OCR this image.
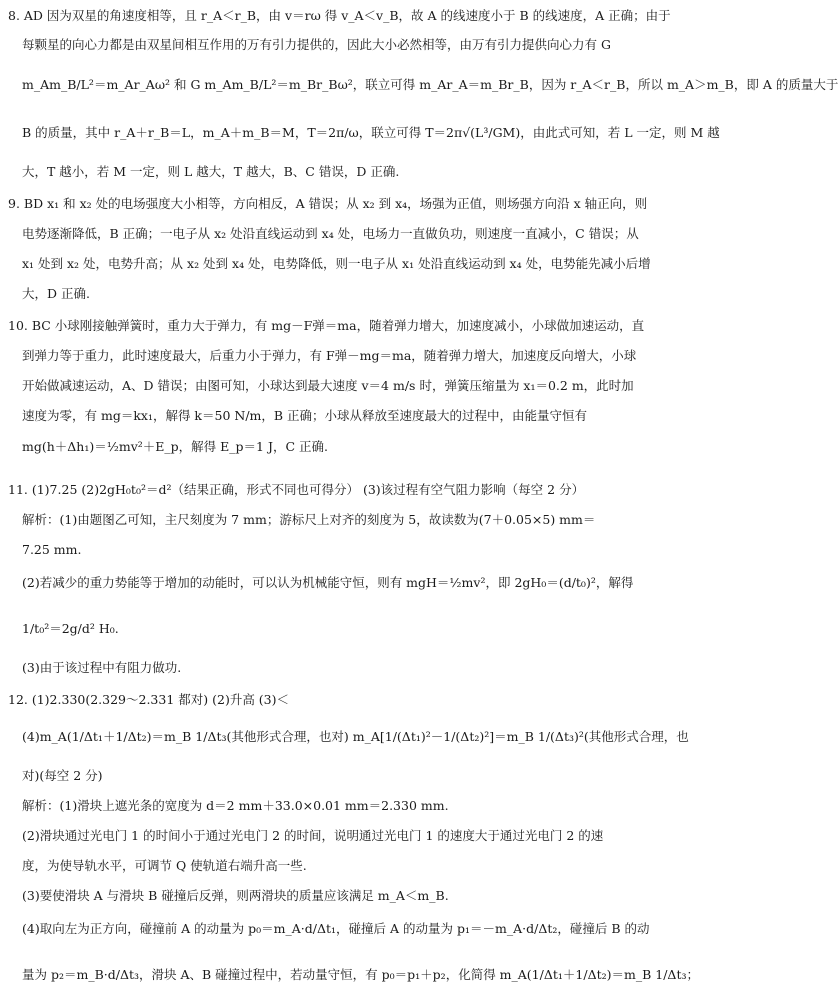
8. AD 因为双星的角速度相等，且 r_A＜r_B，由 v＝rω 得 v_A＜v_B，故 A 的线速度小于 B 的线速度，A 正确；由于
每颗星的向心力都是由双星间相互作用的万有引力提供的，因此大小必然相等，由万有引力提供向心力有 G
m_Am_B/L²＝m_Ar_Aω² 和 G m_Am_B/L²＝m_Br_Bω²，联立可得 m_Ar_A＝m_Br_B，因为 r_A＜r_B，所以 m_A＞m_B，即 A 的质量大于
B 的质量，其中 r_A＋r_B＝L，m_A＋m_B＝M，T＝2π/ω，联立可得 T＝2π√(L³/GM)，由此式可知，若 L 一定，则 M 越
大，T 越小，若 M 一定，则 L 越大，T 越大，B、C 错误，D 正确.
9. BD x₁ 和 x₂ 处的电场强度大小相等，方向相反，A 错误；从 x₂ 到 x₄，场强为正值，则场强方向沿 x 轴正向，则
电势逐渐降低，B 正确；一电子从 x₂ 处沿直线运动到 x₄ 处，电场力一直做负功，则速度一直减小，C 错误；从
x₁ 处到 x₂ 处，电势升高；从 x₂ 处到 x₄ 处，电势降低，则一电子从 x₁ 处沿直线运动到 x₄ 处，电势能先减小后增
大，D 正确.
10. BC 小球刚接触弹簧时，重力大于弹力，有 mg－F弹＝ma，随着弹力增大，加速度减小，小球做加速运动，直
到弹力等于重力，此时速度最大，后重力小于弹力，有 F弹－mg＝ma，随着弹力增大，加速度反向增大，小球
开始做减速运动，A、D 错误；由图可知，小球达到最大速度 v＝4 m/s 时，弹簧压缩量为 x₁＝0.2 m，此时加
速度为零，有 mg＝kx₁，解得 k＝50 N/m，B 正确；小球从释放至速度最大的过程中，由能量守恒有
mg(h＋Δh₁)＝½mv²＋E_p，解得 E_p＝1 J，C 正确.
11. (1)7.25 (2)2gH₀t₀²＝d²（结果正确，形式不同也可得分） (3)该过程有空气阻力影响（每空 2 分）
解析：(1)由题图乙可知，主尺刻度为 7 mm；游标尺上对齐的刻度为 5，故读数为(7＋0.05×5) mm＝
7.25 mm.
(2)若减少的重力势能等于增加的动能时，可以认为机械能守恒，则有 mgH＝½mv²，即 2gH₀＝(d/t₀)²，解得
1/t₀²＝2g/d² H₀.
(3)由于该过程中有阻力做功.
12. (1)2.330(2.329～2.331 都对) (2)升高 (3)＜
(4)m_A(1/Δt₁＋1/Δt₂)＝m_B 1/Δt₃(其他形式合理，也对) m_A[1/(Δt₁)²－1/(Δt₂)²]＝m_B 1/(Δt₃)²(其他形式合理，也
对)(每空 2 分)
解析：(1)滑块上遮光条的宽度为 d＝2 mm＋33.0×0.01 mm＝2.330 mm.
(2)滑块通过光电门 1 的时间小于通过光电门 2 的时间，说明通过光电门 1 的速度大于通过光电门 2 的速
度，为使导轨水平，可调节 Q 使轨道右端升高一些.
(3)要使滑块 A 与滑块 B 碰撞后反弹，则两滑块的质量应该满足 m_A＜m_B.
(4)取向左为正方向，碰撞前 A 的动量为 p₀＝m_A·d/Δt₁，碰撞后 A 的动量为 p₁＝－m_A·d/Δt₂，碰撞后 B 的动
量为 p₂＝m_B·d/Δt₃，滑块 A、B 碰撞过程中，若动量守恒，有 p₀＝p₁＋p₂，化简得 m_A(1/Δt₁＋1/Δt₂)＝m_B 1/Δt₃；
